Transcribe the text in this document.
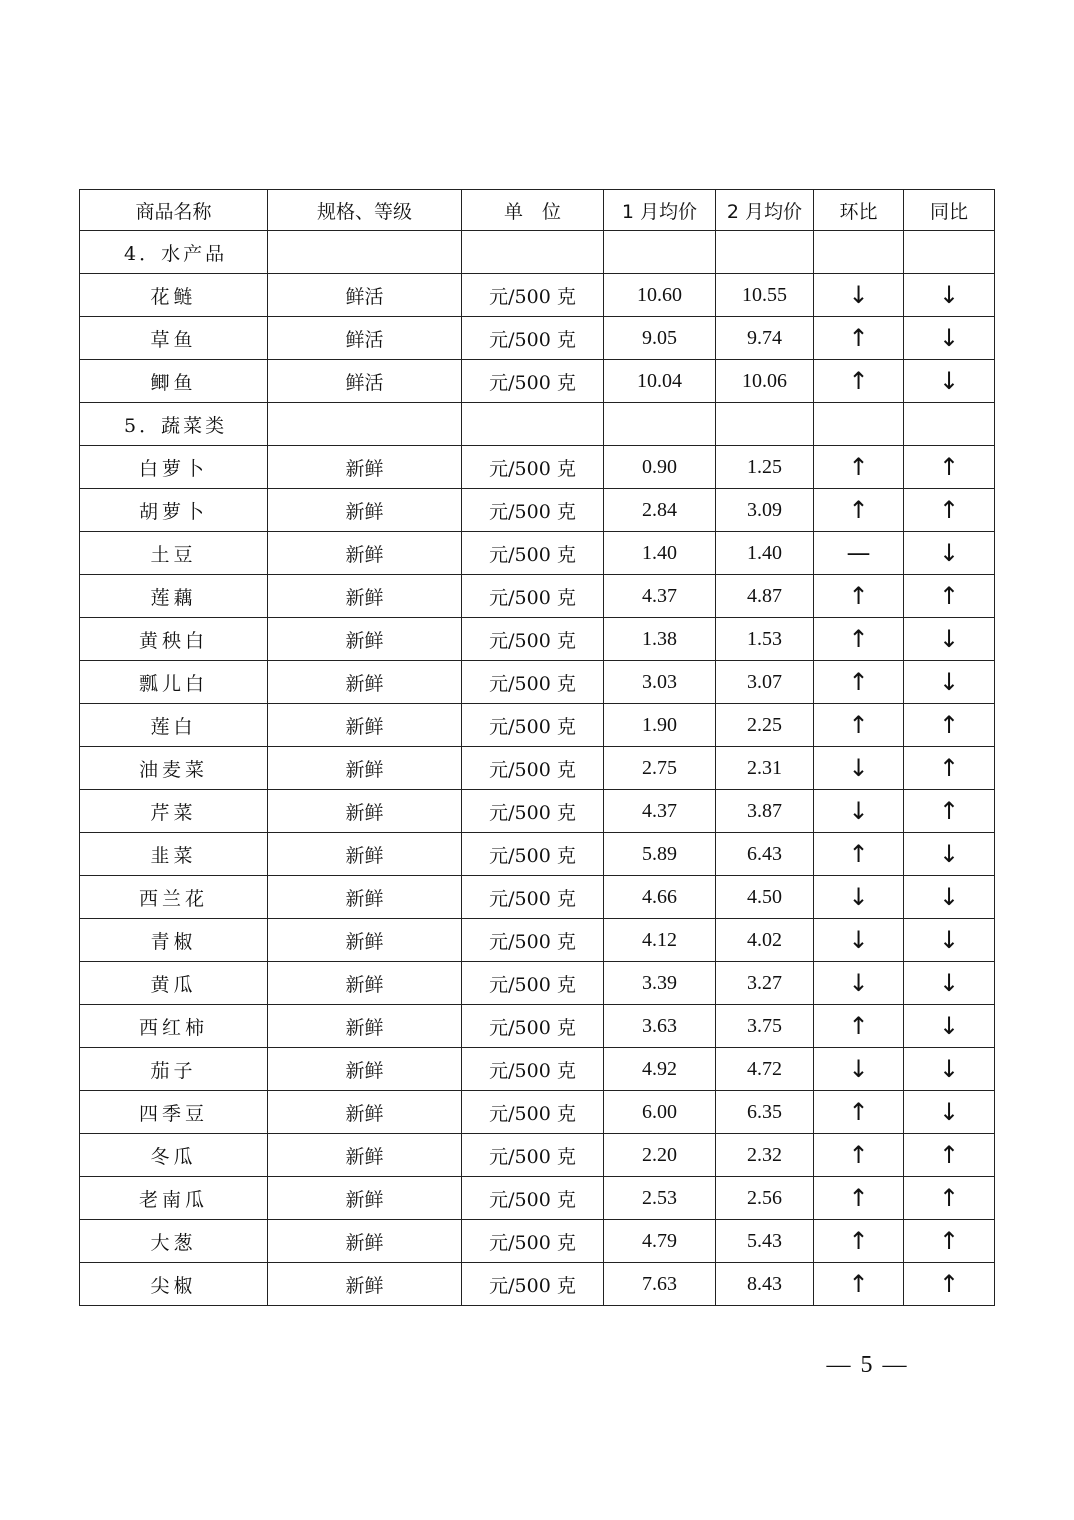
商品名称	规格、等级	单　位	1 月均价	2 月均价	环比	同比
4．水产品						
花鲢	鲜活	元/500 克	10.60	10.55	↓	↓
草鱼	鲜活	元/500 克	9.05	9.74	↑	↓
鲫鱼	鲜活	元/500 克	10.04	10.06	↑	↓
5．蔬菜类						
白萝卜	新鲜	元/500 克	0.90	1.25	↑	↑
胡萝卜	新鲜	元/500 克	2.84	3.09	↑	↑
土豆	新鲜	元/500 克	1.40	1.40	—	↓
莲藕	新鲜	元/500 克	4.37	4.87	↑	↑
黄秧白	新鲜	元/500 克	1.38	1.53	↑	↓
瓢儿白	新鲜	元/500 克	3.03	3.07	↑	↓
莲白	新鲜	元/500 克	1.90	2.25	↑	↑
油麦菜	新鲜	元/500 克	2.75	2.31	↓	↑
芹菜	新鲜	元/500 克	4.37	3.87	↓	↑
韭菜	新鲜	元/500 克	5.89	6.43	↑	↓
西兰花	新鲜	元/500 克	4.66	4.50	↓	↓
青椒	新鲜	元/500 克	4.12	4.02	↓	↓
黄瓜	新鲜	元/500 克	3.39	3.27	↓	↓
西红柿	新鲜	元/500 克	3.63	3.75	↑	↓
茄子	新鲜	元/500 克	4.92	4.72	↓	↓
四季豆	新鲜	元/500 克	6.00	6.35	↑	↓
冬瓜	新鲜	元/500 克	2.20	2.32	↑	↑
老南瓜	新鲜	元/500 克	2.53	2.56	↑	↑
大葱	新鲜	元/500 克	4.79	5.43	↑	↑
尖椒	新鲜	元/500 克	7.63	8.43	↑	↑
— 5 —
